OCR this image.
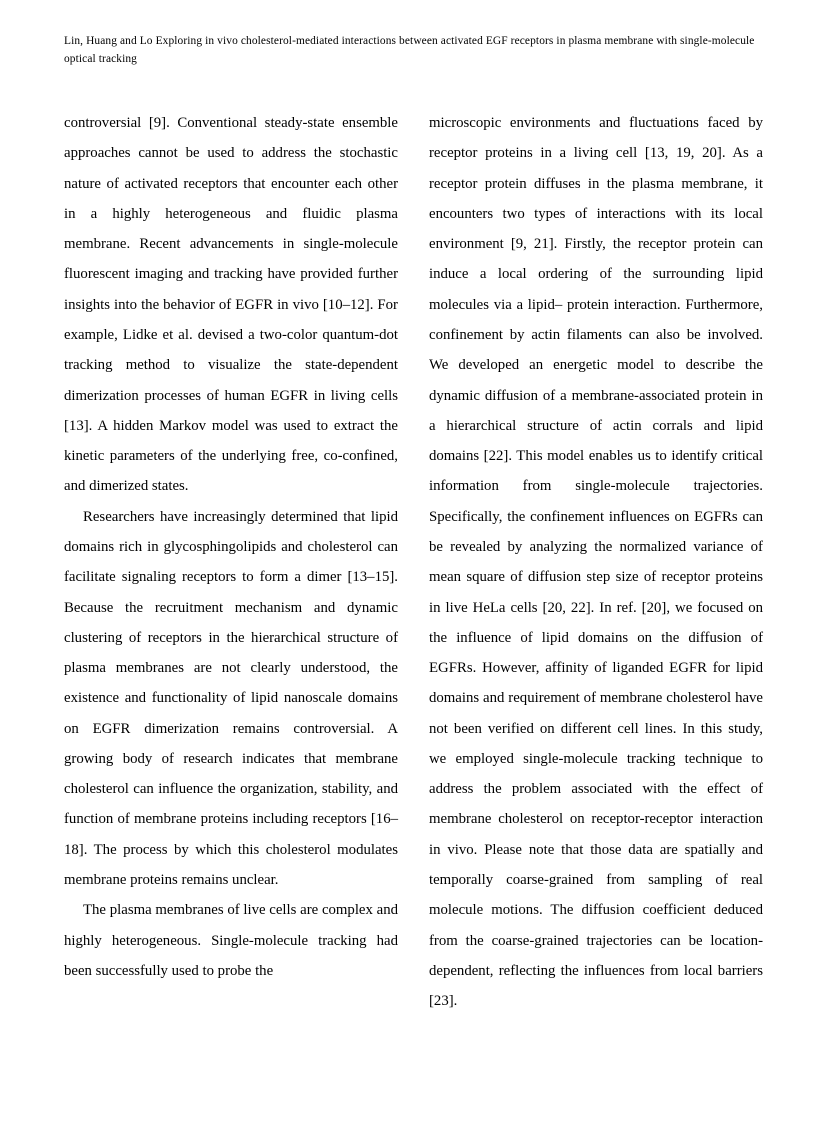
Lin, Huang and Lo Exploring in vivo cholesterol-mediated interactions between activated EGF receptors in plasma membrane with single-molecule optical tracking

controversial [9]. Conventional steady-state ensemble approaches cannot be used to address the stochastic nature of activated receptors that encounter each other in a highly heterogeneous and fluidic plasma membrane. Recent advancements in single-molecule fluorescent imaging and tracking have provided further insights into the behavior of EGFR in vivo [10–12]. For example, Lidke et al. devised a two-color quantum-dot tracking method to visualize the state-dependent dimerization processes of human EGFR in living cells [13]. A hidden Markov model was used to extract the kinetic parameters of the underlying free, co-confined, and dimerized states.

Researchers have increasingly determined that lipid domains rich in glycosphingolipids and cholesterol can facilitate signaling receptors to form a dimer [13–15]. Because the recruitment mechanism and dynamic clustering of receptors in the hierarchical structure of plasma membranes are not clearly understood, the existence and functionality of lipid nanoscale domains on EGFR dimerization remains controversial. A growing body of research indicates that membrane cholesterol can influence the organization, stability, and function of membrane proteins including receptors [16–18]. The process by which this cholesterol modulates membrane proteins remains unclear.

The plasma membranes of live cells are complex and highly heterogeneous. Single-molecule tracking had been successfully used to probe the

microscopic environments and fluctuations faced by receptor proteins in a living cell [13, 19, 20]. As a receptor protein diffuses in the plasma membrane, it encounters two types of interactions with its local environment [9, 21]. Firstly, the receptor protein can induce a local ordering of the surrounding lipid molecules via a lipid– protein interaction. Furthermore, confinement by actin filaments can also be involved. We developed an energetic model to describe the dynamic diffusion of a membrane-associated protein in a hierarchical structure of actin corrals and lipid domains [22]. This model enables us to identify critical information from single-molecule trajectories. Specifically, the confinement influences on EGFRs can be revealed by analyzing the normalized variance of mean square of diffusion step size of receptor proteins in live HeLa cells [20, 22]. In ref. [20], we focused on the influence of lipid domains on the diffusion of EGFRs. However, affinity of liganded EGFR for lipid domains and requirement of membrane cholesterol have not been verified on different cell lines. In this study, we employed single-molecule tracking technique to address the problem associated with the effect of membrane cholesterol on receptor-receptor interaction in vivo. Please note that those data are spatially and temporally coarse-grained from sampling of real molecule motions. The diffusion coefficient deduced from the coarse-grained trajectories can be location-dependent, reflecting the influences from local barriers [23].
